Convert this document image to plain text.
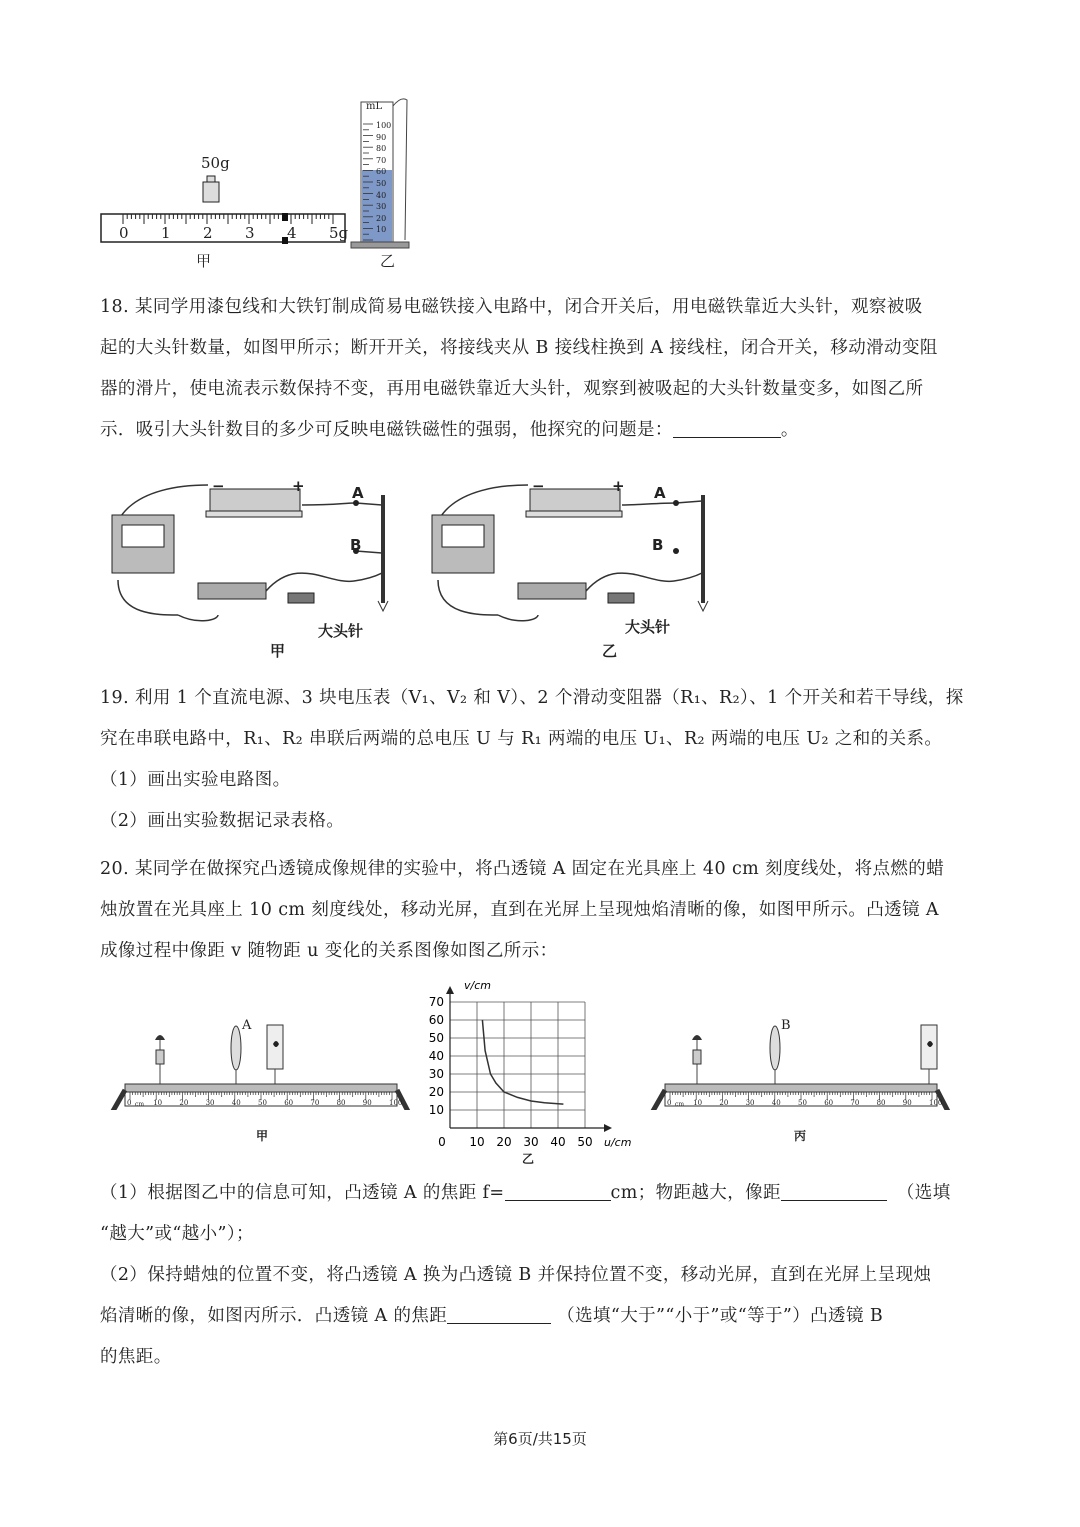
50g
甲
mL
乙
0 1 2 3 4 5g
100
90
80
70
60
50
40
30
20
10
18. 某同学用漆包线和大铁钉制成简易电磁铁接入电路中，闭合开关后，用电磁铁靠近大头针，观察被吸
起的大头针数量，如图甲所示；断开开关，将接线夹从 B 接线柱换到 A 接线柱，闭合开关，移动滑动变阻
器的滑片，使电流表示数保持不变，再用电磁铁靠近大头针，观察到被吸起的大头针数量变多，如图乙所
示．吸引大头针数目的多少可反映电磁铁磁性的强弱，他探究的问题是：	。
−	+	A
B
大头针
甲
−	+ A
B
大头针
乙
19. 利用 1 个直流电源、3 块电压表（V₁、V₂ 和 V）、2 个滑动变阻器（R₁、R₂）、1 个开关和若干导线，探
究在串联电路中，R₁、R₂ 串联后两端的总电压 U 与 R₁ 两端的电压 U₁、R₂ 两端的电压 U₂ 之和的关系。
（1）画出实验电路图。
（2）画出实验数据记录表格。
20. 某同学在做探究凸透镜成像规律的实验中，将凸透镜 A 固定在光具座上 40 cm 刻度线处，将点燃的蜡
烛放置在光具座上 10 cm 刻度线处，移动光屏，直到在光屏上呈现烛焰清晰的像，如图甲所示。凸透镜 A
成像过程中像距 v 随物距 u 变化的关系图像如图乙所示：
0	10 20 30 40 50 60 70 80 90 100
cm
A
甲	0 10 20 30 40 50
10
20
30
40
50
60
70
v/cm
u/cm
乙
0	10 20 30 40 50 60 70 80 90 100
cm
B
丙
（1）根据图乙中的信息可知，凸透镜 A 的焦距 f=	cm；物距越大，像距	（选填
“越大”或“越小”）；
（2）保持蜡烛的位置不变，将凸透镜 A 换为凸透镜 B 并保持位置不变，移动光屏，直到在光屏上呈现烛
焰清晰的像，如图丙所示．凸透镜 A 的焦距	（选填“大于”“小于”或“等于”）凸透镜 B
的焦距。
第6页/共15页
